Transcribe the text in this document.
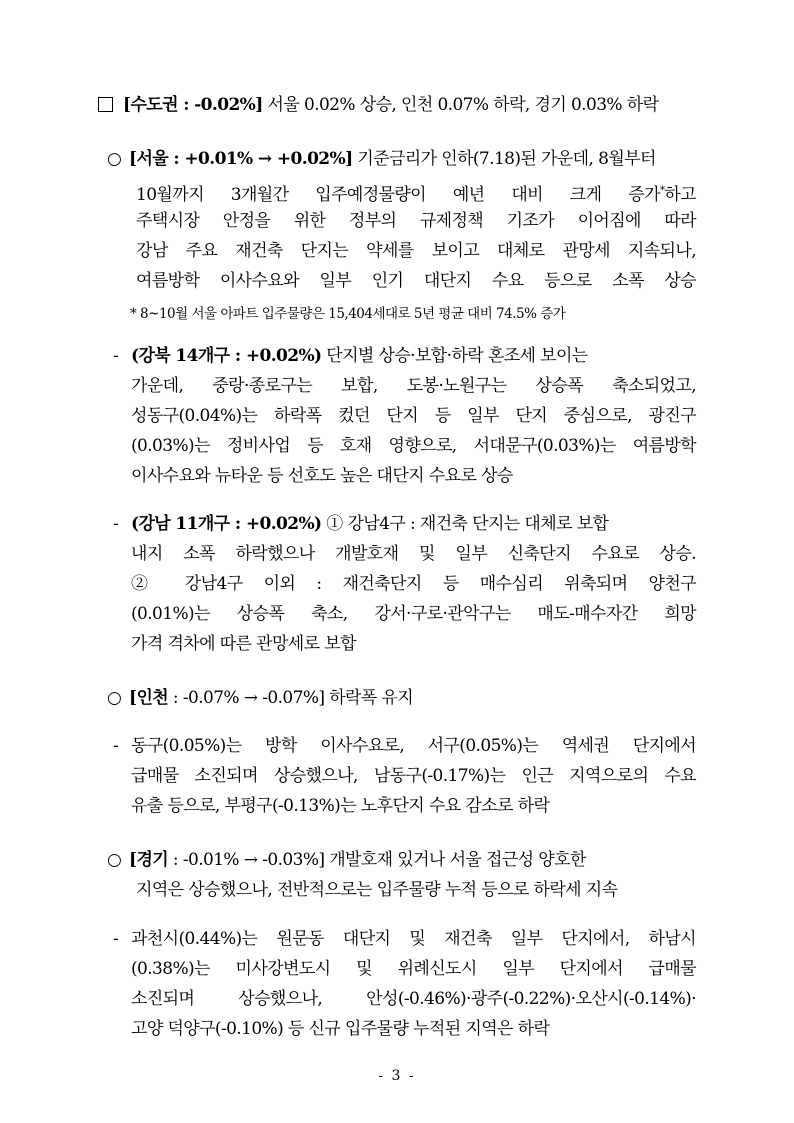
[수도권 : -0.02%] 서울 0.02% 상승, 인천 0.07% 하락, 경기 0.03% 하락
○ [서울 : +0.01% → +0.02%] 기준금리가 인하(7.18)된 가운데, 8월부터
10월까지 3개월간 입주예정물량이 예년 대비 크게 증가*하고
주택시장 안정을 위한 정부의 규제정책 기조가 이어짐에 따라
강남 주요 재건축 단지는 약세를 보이고 대체로 관망세 지속되나,
여름방학 이사수요와 일부 인기 대단지 수요 등으로 소폭 상승
* 8~10월 서울 아파트 입주물량은 15,404세대로 5년 평균 대비 74.5% 증가
- (강북 14개구 : +0.02%) 단지별 상승·보합·하락 혼조세 보이는
가운데, 중랑·종로구는 보합, 도봉·노원구는 상승폭 축소되었고,
성동구(0.04%)는 하락폭 컸던 단지 등 일부 단지 중심으로, 광진구
(0.03%)는 정비사업 등 호재 영향으로, 서대문구(0.03%)는 여름방학
이사수요와 뉴타운 등 선호도 높은 대단지 수요로 상승
- (강남 11개구 : +0.02%) ① 강남4구 : 재건축 단지는 대체로 보합
내지 소폭 하락했으나 개발호재 및 일부 신축단지 수요로 상승.
② 강남4구 이외 : 재건축단지 등 매수심리 위축되며 양천구
(0.01%)는 상승폭 축소, 강서·구로·관악구는 매도-매수자간 희망
가격 격차에 따른 관망세로 보합
○ [인천 : -0.07% → -0.07%] 하락폭 유지
-동구(0.05%)는 방학 이사수요로, 서구(0.05%)는 역세권 단지에서
급매물 소진되며 상승했으나, 남동구(-0.17%)는 인근 지역으로의 수요
유출 등으로, 부평구(-0.13%)는 노후단지 수요 감소로 하락
○ [경기 : -0.01% → -0.03%] 개발호재 있거나 서울 접근성 양호한
지역은 상승했으나, 전반적으로는 입주물량 누적 등으로 하락세 지속
-과천시(0.44%)는 원문동 대단지 및 재건축 일부 단지에서, 하남시
(0.38%)는 미사강변도시 및 위례신도시 일부 단지에서 급매물
소진되며 상승했으나, 안성(-0.46%)·광주(-0.22%)·오산시(-0.14%)·
고양 덕양구(-0.10%) 등 신규 입주물량 누적된 지역은 하락
- 3 -
